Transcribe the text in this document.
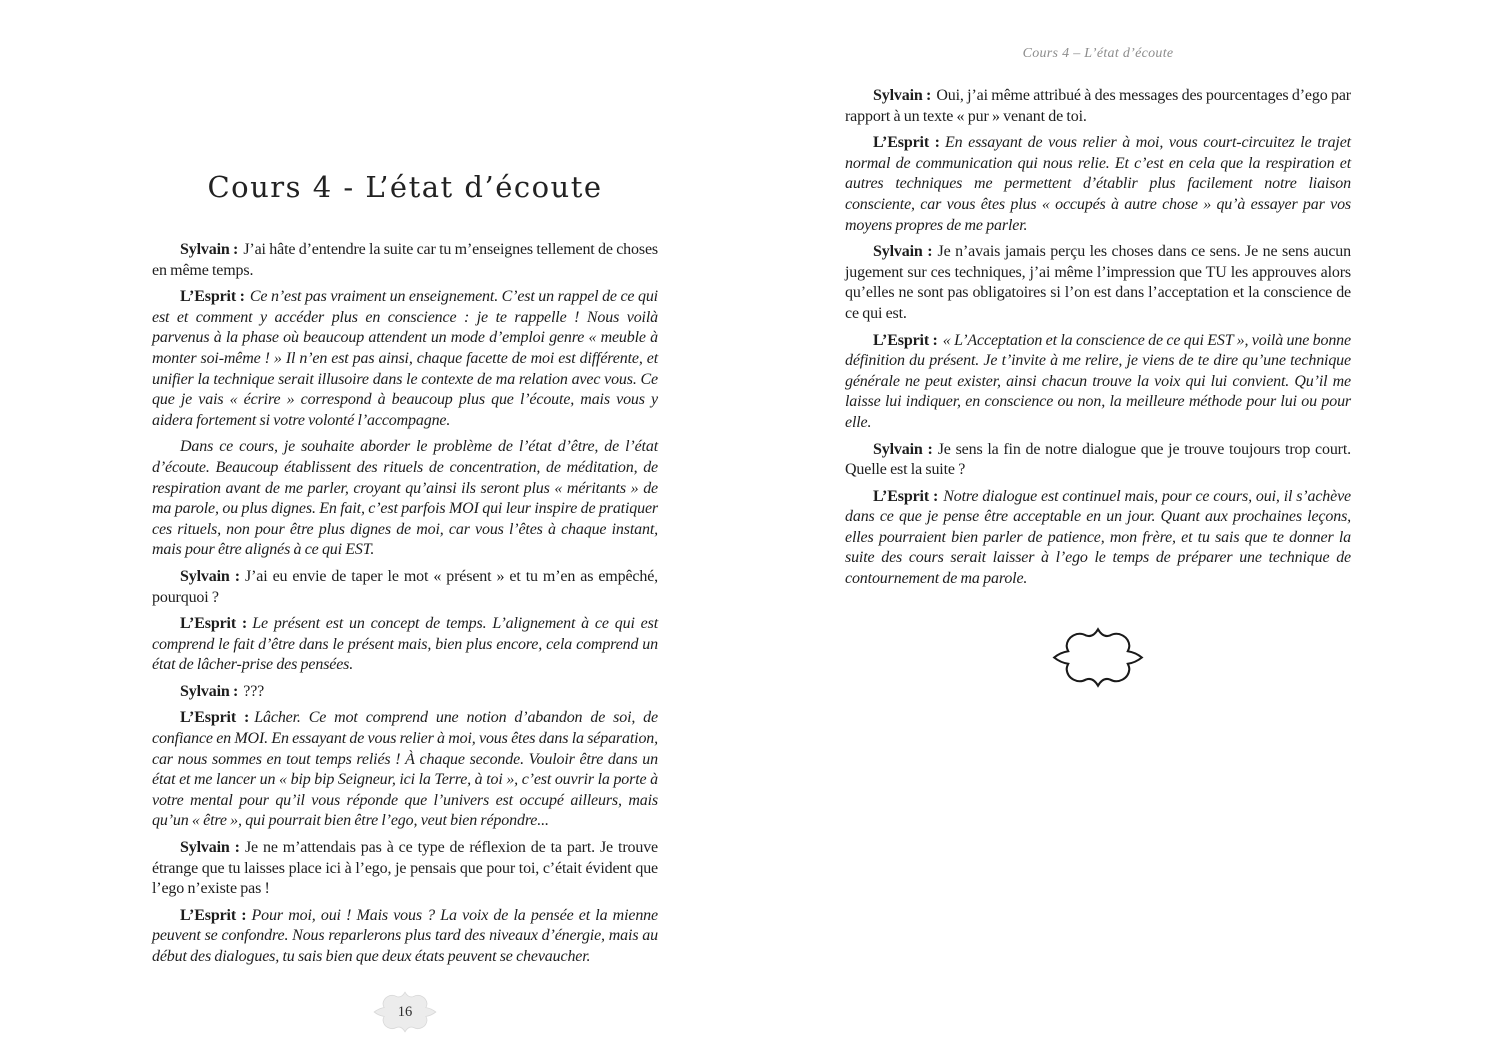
Cours 4 - L’état d’écoute

Sylvain : J’ai hâte d’entendre la suite car tu m’enseignes tellement de choses en même temps.

L’Esprit : Ce n’est pas vraiment un enseignement. C’est un rappel de ce qui est et comment y accéder plus en conscience : je te rappelle ! Nous voilà parvenus à la phase où beaucoup attendent un mode d’emploi genre « meuble à monter soi-même ! » Il n’en est pas ainsi, chaque facette de moi est différente, et unifier la technique serait illusoire dans le contexte de ma relation avec vous. Ce que je vais « écrire » correspond à beaucoup plus que l’écoute, mais vous y aidera fortement si votre volonté l’accompagne.

Dans ce cours, je souhaite aborder le problème de l’état d’être, de l’état d’écoute. Beaucoup établissent des rituels de concentration, de méditation, de respiration avant de me parler, croyant qu’ainsi ils seront plus « méritants » de ma parole, ou plus dignes. En fait, c’est parfois MOI qui leur inspire de pratiquer ces rituels, non pour être plus dignes de moi, car vous l’êtes à chaque instant, mais pour être alignés à ce qui EST.

Sylvain : J’ai eu envie de taper le mot « présent » et tu m’en as empêché, pourquoi ?

L’Esprit : Le présent est un concept de temps. L’alignement à ce qui est comprend le fait d’être dans le présent mais, bien plus encore, cela comprend un état de lâcher-prise des pensées.

Sylvain : ???

L’Esprit : Lâcher. Ce mot comprend une notion d’abandon de soi, de confiance en MOI. En essayant de vous relier à moi, vous êtes dans la séparation, car nous sommes en tout temps reliés ! À chaque seconde. Vouloir être dans un état et me lancer un « bip bip Seigneur, ici la Terre, à toi », c’est ouvrir la porte à votre mental pour qu’il vous réponde que l’univers est occupé ailleurs, mais qu’un « être », qui pourrait bien être l’ego, veut bien répondre...

Sylvain : Je ne m’attendais pas à ce type de réflexion de ta part. Je trouve étrange que tu laisses place ici à l’ego, je pensais que pour toi, c’était évident que l’ego n’existe pas !

L’Esprit : Pour moi, oui ! Mais vous ? La voix de la pensée et la mienne peuvent se confondre. Nous reparlerons plus tard des niveaux d’énergie, mais au début des dialogues, tu sais bien que deux états peuvent se chevaucher.

16
Cours 4 – L’état d’écoute

Sylvain : Oui, j’ai même attribué à des messages des pourcentages d’ego par rapport à un texte « pur » venant de toi.

L’Esprit : En essayant de vous relier à moi, vous court-circuitez le trajet normal de communication qui nous relie. Et c’est en cela que la respiration et autres techniques me permettent d’établir plus facilement notre liaison consciente, car vous êtes plus « occupés à autre chose » qu’à essayer par vos moyens propres de me parler.

Sylvain : Je n’avais jamais perçu les choses dans ce sens. Je ne sens aucun jugement sur ces techniques, j’ai même l’impression que TU les approuves alors qu’elles ne sont pas obligatoires si l’on est dans l’acceptation et la conscience de ce qui est.

L’Esprit : « L’Acceptation et la conscience de ce qui EST », voilà une bonne définition du présent. Je t’invite à me relire, je viens de te dire qu’une technique générale ne peut exister, ainsi chacun trouve la voix qui lui convient. Qu’il me laisse lui indiquer, en conscience ou non, la meilleure méthode pour lui ou pour elle.

Sylvain : Je sens la fin de notre dialogue que je trouve toujours trop court. Quelle est la suite ?

L’Esprit : Notre dialogue est continuel mais, pour ce cours, oui, il s’achève dans ce que je pense être acceptable en un jour. Quant aux prochaines leçons, elles pourraient bien parler de patience, mon frère, et tu sais que te donner la suite des cours serait laisser à l’ego le temps de préparer une technique de contournement de ma parole.
